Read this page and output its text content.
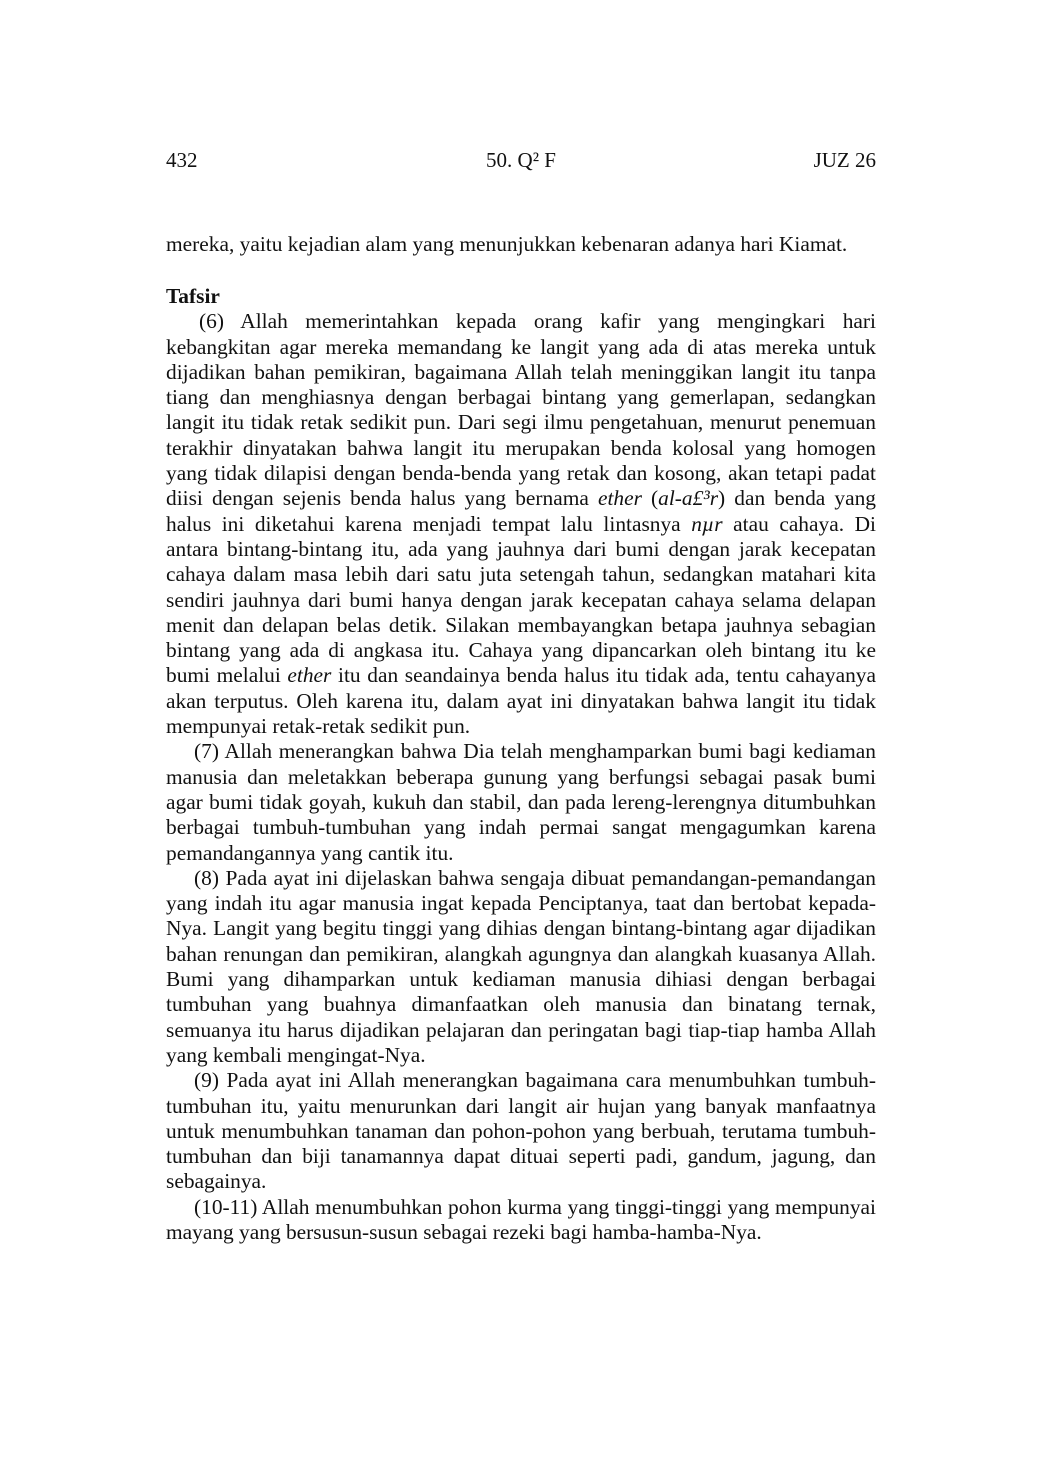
432	50. Q² F	JUZ 26

mereka, yaitu kejadian alam yang menunjukkan kebenaran adanya hari Kiamat.

Tafsir

(6) Allah memerintahkan kepada orang kafir yang mengingkari hari kebangkitan agar mereka memandang ke langit yang ada di atas mereka untuk dijadikan bahan pemikiran, bagaimana Allah telah meninggikan langit itu tanpa tiang dan menghiasnya dengan berbagai bintang yang gemerlapan, sedangkan langit itu tidak retak sedikit pun. Dari segi ilmu pengetahuan, menurut penemuan terakhir dinyatakan bahwa langit itu merupakan benda kolosal yang homogen yang tidak dilapisi dengan benda-benda yang retak dan kosong, akan tetapi padat diisi dengan sejenis benda halus yang bernama ether (al-a£³r) dan benda yang halus ini diketahui karena menjadi tempat lalu lintasnya nµr atau cahaya. Di antara bintang-bintang itu, ada yang jauhnya dari bumi dengan jarak kecepatan cahaya dalam masa lebih dari satu juta setengah tahun, sedangkan matahari kita sendiri jauhnya dari bumi hanya dengan jarak kecepatan cahaya selama delapan menit dan delapan belas detik. Silakan membayangkan betapa jauhnya sebagian bintang yang ada di angkasa itu. Cahaya yang dipancarkan oleh bintang itu ke bumi melalui ether itu dan seandainya benda halus itu tidak ada, tentu cahayanya akan terputus. Oleh karena itu, dalam ayat ini dinyatakan bahwa langit itu tidak mempunyai retak-retak sedikit pun.

(7) Allah menerangkan bahwa Dia telah menghamparkan bumi bagi kediaman manusia dan meletakkan beberapa gunung yang berfungsi sebagai pasak bumi agar bumi tidak goyah, kukuh dan stabil, dan pada lereng-lerengnya ditumbuhkan berbagai tumbuh-tumbuhan yang indah permai sangat mengagumkan karena pemandangannya yang cantik itu.

(8) Pada ayat ini dijelaskan bahwa sengaja dibuat pemandangan-pemandangan yang indah itu agar manusia ingat kepada Penciptanya, taat dan bertobat kepada-Nya. Langit yang begitu tinggi yang dihias dengan bintang-bintang agar dijadikan bahan renungan dan pemikiran, alangkah agungnya dan alangkah kuasanya Allah. Bumi yang dihamparkan untuk kediaman manusia dihiasi dengan berbagai tumbuhan yang buahnya dimanfaatkan oleh manusia dan binatang ternak, semuanya itu harus dijadikan pelajaran dan peringatan bagi tiap-tiap hamba Allah yang kembali mengingat-Nya.

(9) Pada ayat ini Allah menerangkan bagaimana cara menumbuhkan tumbuh-tumbuhan itu, yaitu menurunkan dari langit air hujan yang banyak manfaatnya untuk menumbuhkan tanaman dan pohon-pohon yang berbuah, terutama tumbuh-tumbuhan dan biji tanamannya dapat dituai seperti padi, gandum, jagung, dan sebagainya.

(10-11) Allah menumbuhkan pohon kurma yang tinggi-tinggi yang mempunyai mayang yang bersusun-susun sebagai rezeki bagi hamba-hamba-Nya.
